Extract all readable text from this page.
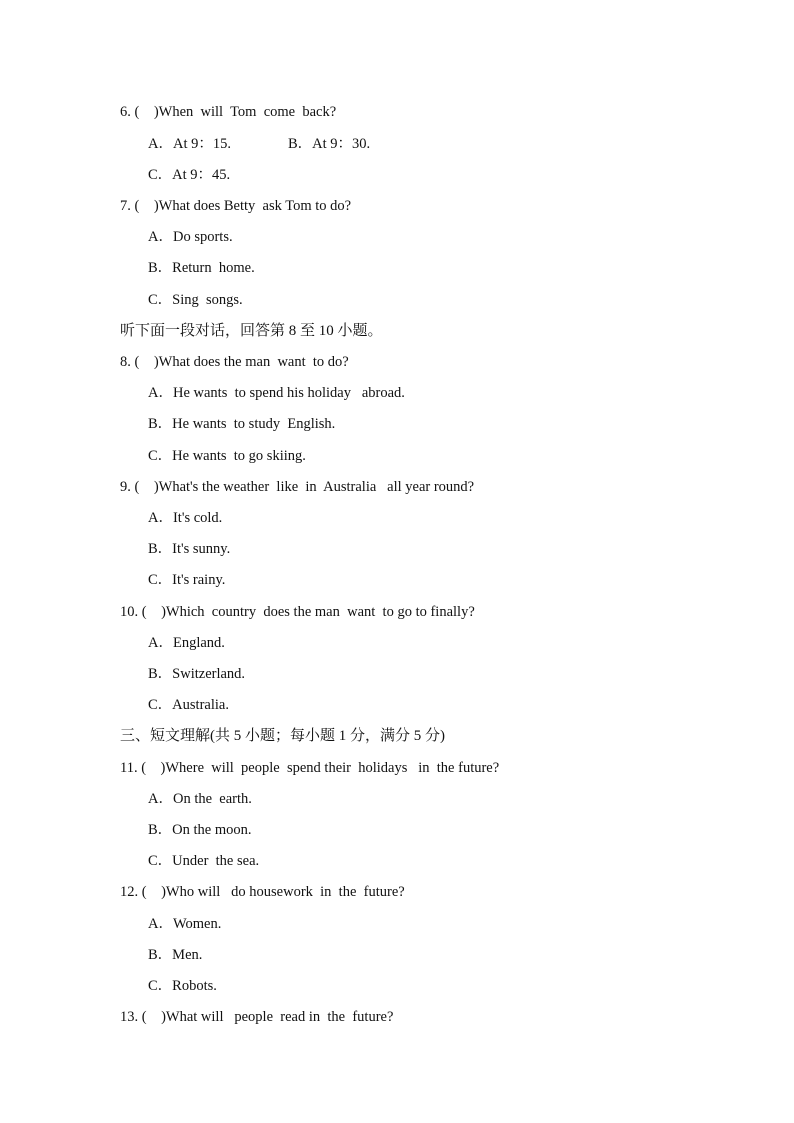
6. (    )When  will  Tom  come  back?
A．At 9：15.	B．At 9：30.
C．At 9：45.
7. (    )What does Betty  ask Tom to do?
A．Do sports.
B．Return  home.
C．Sing  songs.
听下面一段对话，回答第 8 至 10 小题。
8. (    )What does the man  want  to do?
A．He wants  to spend his holiday   abroad.
B．He wants  to study  English.
C．He wants  to go skiing.
9. (    )What's the weather  like  in  Australia   all year round?
A．It's cold.
B．It's sunny.
C．It's rainy.
10. (    )Which  country  does the man  want  to go to finally?
A．England.
B．Switzerland.
C．Australia.
三、短文理解(共 5 小题；每小题 1 分，满分 5 分)
11. (    )Where  will  people  spend their  holidays   in  the future?
A．On the  earth.
B．On the moon.
C．Under  the sea.
12. (    )Who will   do housework  in  the  future?
A．Women.
B．Men.
C．Robots.
13. (    )What will   people  read in  the  future?
